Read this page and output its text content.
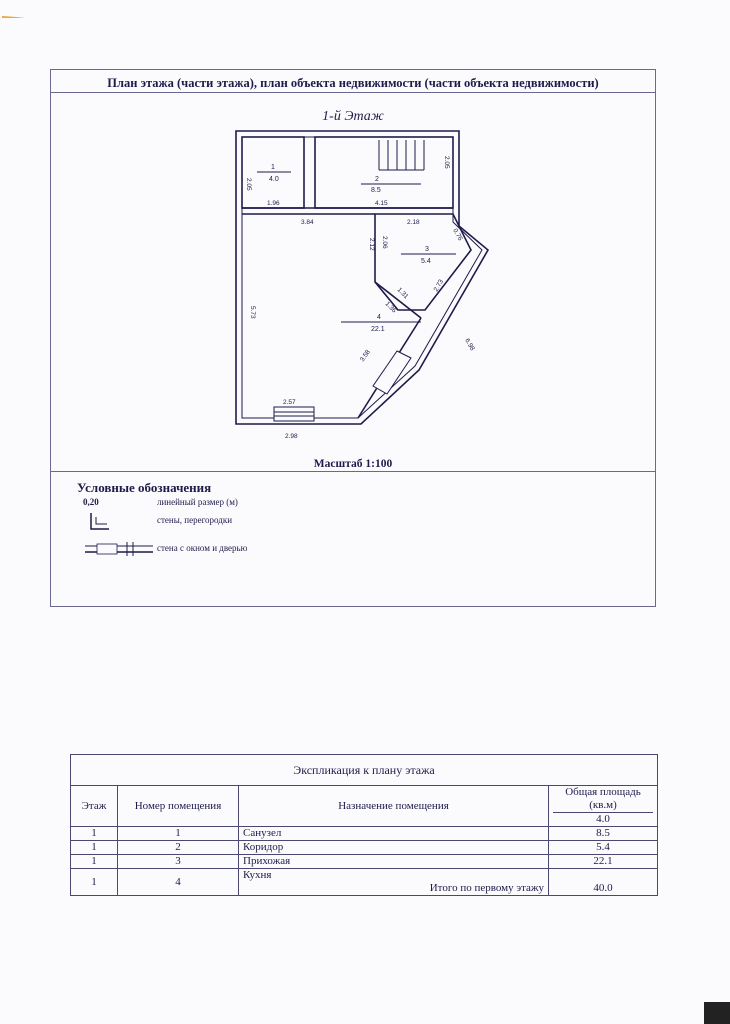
План этажа (части этажа), план объекта недвижимости (части объекта недвижимости)
1-й Этаж
1
4.0	2
8.5
3
5.4
4
22.1
2.05
1.96
2.05
4.15
3.84	2.18
0.76
2.12 2.06
2.73
1.31
5.73	1.36
6.98
3.58
2.57
2.98
Масштаб 1:100
Условные обозначения
0,20	линейный размер (м)
стены, перегородки
стена с окном и дверью
Экспликация к плану этажа			
Этаж	Номер помещения	Назначение помещения	Общая площадь (кв.м)
4.0

1	1	Санузел	8.5
1	2	Коридор	5.4
1	3	Прихожая	22.1
1	4	Кухня
Итого по первому этажу	40.0
